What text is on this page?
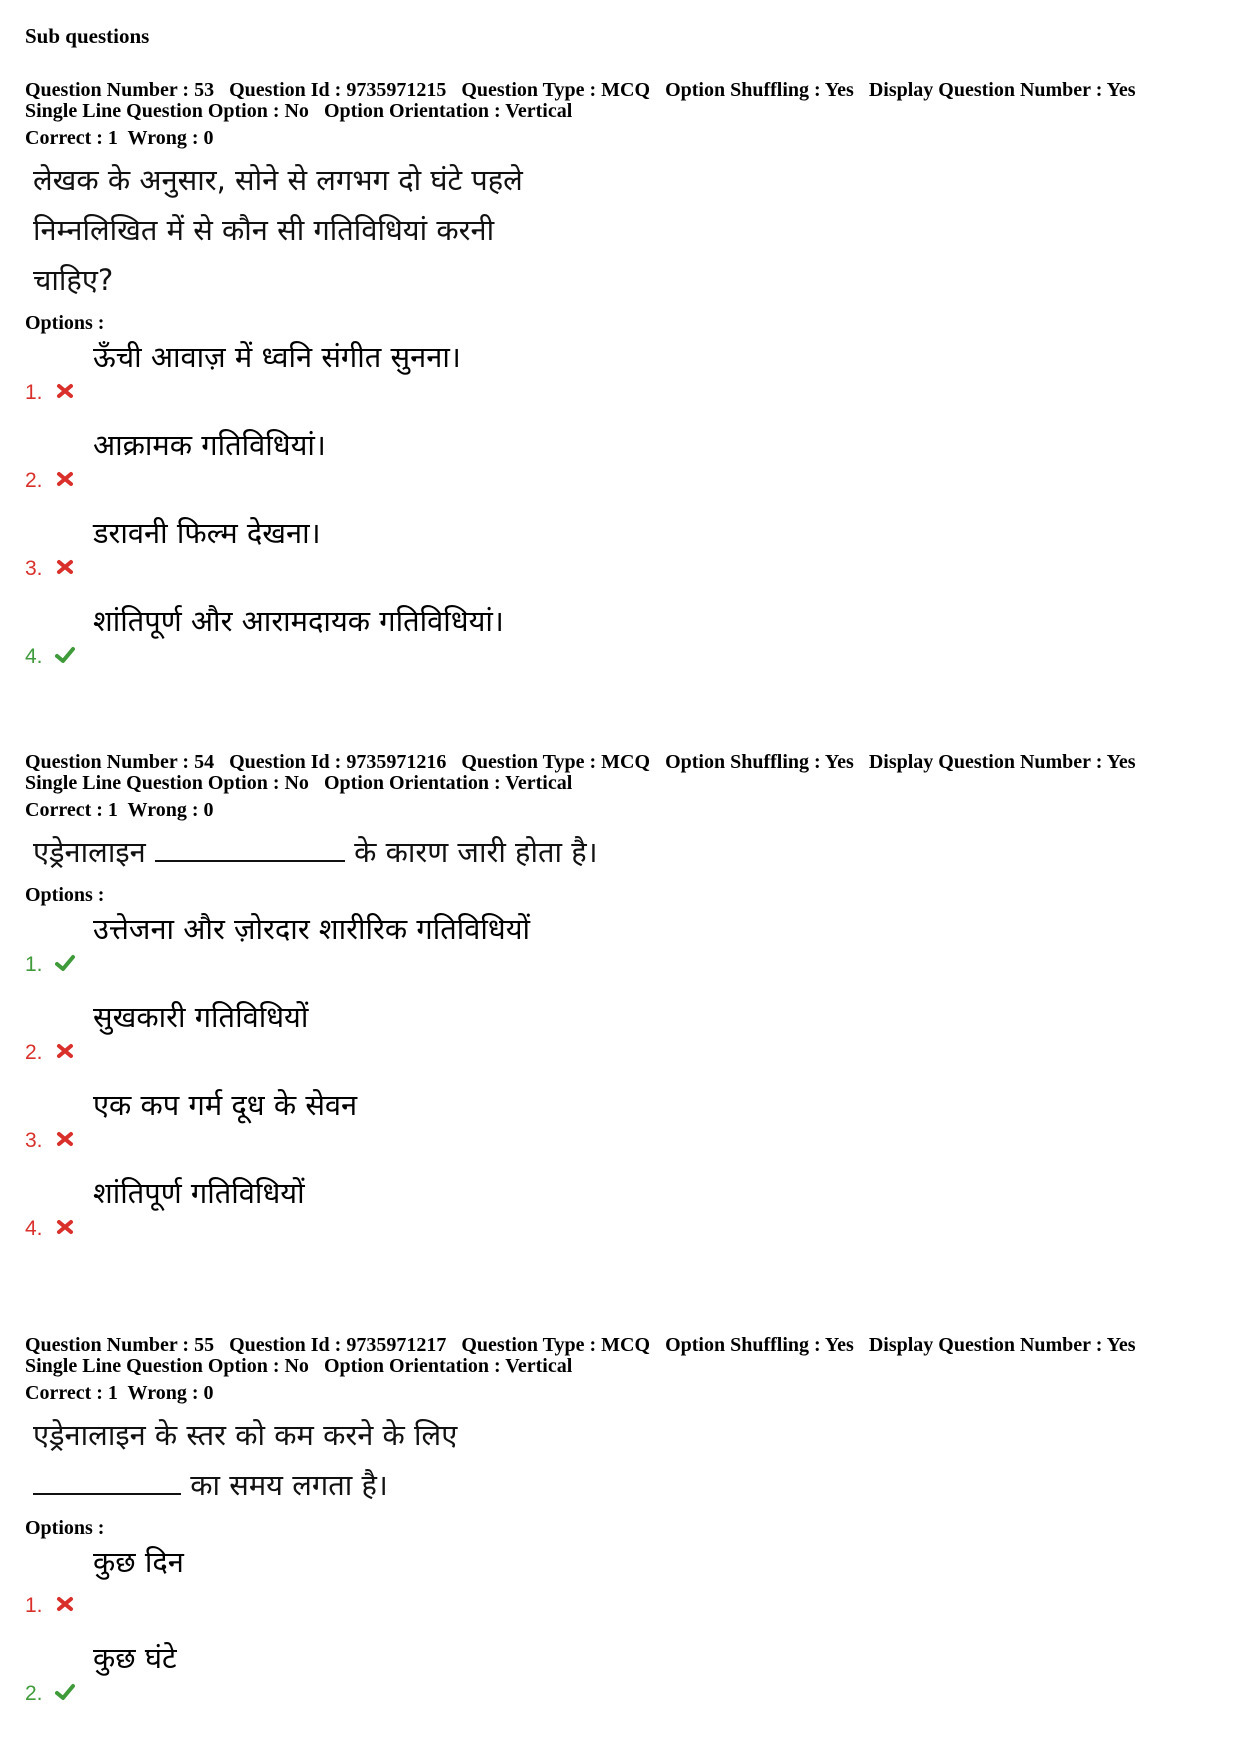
Sub questions
Question Number : 53 Question Id : 9735971215 Question Type : MCQ Option Shuffling : Yes Display Question Number : Yes
Single Line Question Option : No Option Orientation : Vertical
Correct : 1  Wrong : 0
लेखक के अनुसार, सोने से लगभग दो घंटे पहले
निम्नलिखित में से कौन सी गतिविधियां करनी
चाहिए?
Options :
1.
ऊँची आवाज़ में ध्वनि संगीत सुनना।
2.
आक्रामक गतिविधियां।
3.
डरावनी फिल्म देखना।
4.
शांतिपूर्ण और आरामदायक गतिविधियां।
Question Number : 54 Question Id : 9735971216 Question Type : MCQ Option Shuffling : Yes Display Question Number : Yes
Single Line Question Option : No Option Orientation : Vertical
Correct : 1  Wrong : 0
एड्रेनालाइन	के कारण जारी होता है।
Options :
1.
उत्तेजना और ज़ोरदार शारीरिक गतिविधियों
2.
सुखकारी गतिविधियों
3.
एक कप गर्म दूध के सेवन
4.
शांतिपूर्ण गतिविधियों
Question Number : 55 Question Id : 9735971217 Question Type : MCQ Option Shuffling : Yes Display Question Number : Yes
Single Line Question Option : No Option Orientation : Vertical
Correct : 1  Wrong : 0
एड्रेनालाइन के स्तर को कम करने के लिए
का समय लगता है।
Options :
1.
कुछ दिन
2.
कुछ घंटे
